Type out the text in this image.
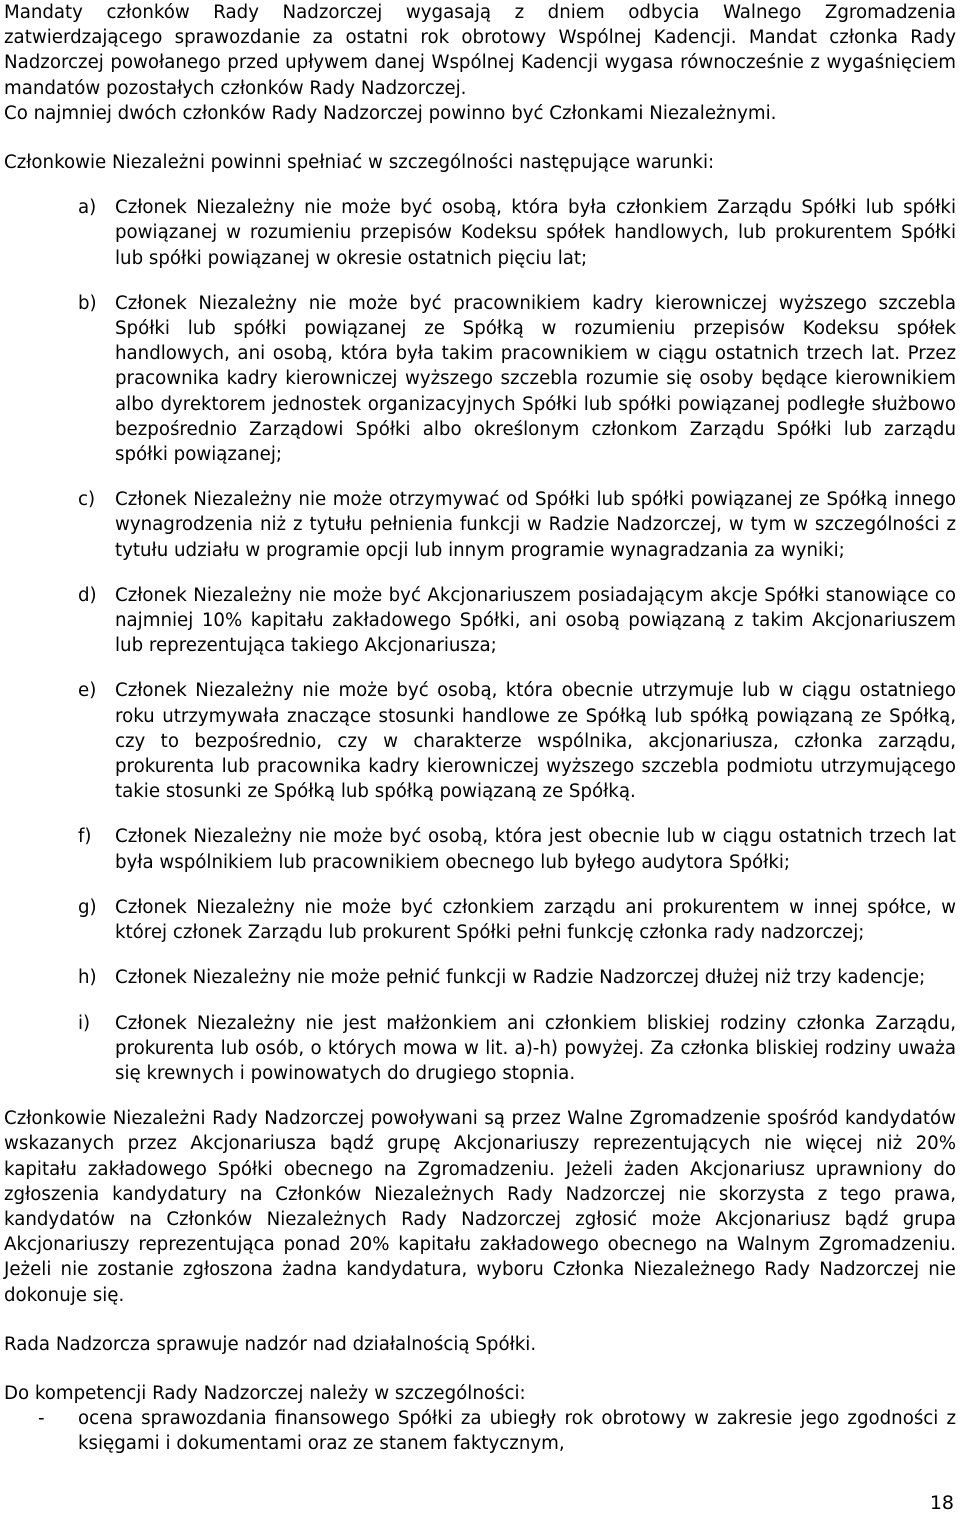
Mandaty członków Rady Nadzorczej wygasają z dniem odbycia Walnego Zgromadzenia zatwierdzającego sprawozdanie za ostatni rok obrotowy Wspólnej Kadencji. Mandat członka Rady Nadzorczej powołanego przed upływem danej Wspólnej Kadencji wygasa równocześnie z wygaśnięciem mandatów pozostałych członków Rady Nadzorczej.

Co najmniej dwóch członków Rady Nadzorczej powinno być Członkami Niezależnymi.

Członkowie Niezależni powinni spełniać w szczególności następujące warunki:

a) Członek Niezależny nie może być osobą, która była członkiem Zarządu Spółki lub spółki powiązanej w rozumieniu przepisów Kodeksu spółek handlowych, lub prokurentem Spółki lub spółki powiązanej w okresie ostatnich pięciu lat;
b) Członek Niezależny nie może być pracownikiem kadry kierowniczej wyższego szczebla Spółki lub spółki powiązanej ze Spółką w rozumieniu przepisów Kodeksu spółek handlowych, ani osobą, która była takim pracownikiem w ciągu ostatnich trzech lat. Przez pracownika kadry kierowniczej wyższego szczebla rozumie się osoby będące kierownikiem albo dyrektorem jednostek organizacyjnych Spółki lub spółki powiązanej podległe służbowo bezpośrednio Zarządowi Spółki albo określonym członkom Zarządu Spółki lub zarządu spółki powiązanej;
c) Członek Niezależny nie może otrzymywać od Spółki lub spółki powiązanej ze Spółką innego wynagrodzenia niż z tytułu pełnienia funkcji w Radzie Nadzorczej, w tym w szczególności z tytułu udziału w programie opcji lub innym programie wynagradzania za wyniki;
d) Członek Niezależny nie może być Akcjonariuszem posiadającym akcje Spółki stanowiące co najmniej 10% kapitału zakładowego Spółki, ani osobą powiązaną z takim Akcjonariuszem lub reprezentująca takiego Akcjonariusza;
e) Członek Niezależny nie może być osobą, która obecnie utrzymuje lub w ciągu ostatniego roku utrzymywała znaczące stosunki handlowe ze Spółką lub spółką powiązaną ze Spółką, czy to bezpośrednio, czy w charakterze wspólnika, akcjonariusza, członka zarządu, prokurenta lub pracownika kadry kierowniczej wyższego szczebla podmiotu utrzymującego takie stosunki ze Spółką lub spółką powiązaną ze Spółką.
f) Członek Niezależny nie może być osobą, która jest obecnie lub w ciągu ostatnich trzech lat była wspólnikiem lub pracownikiem obecnego lub byłego audytora Spółki;
g) Członek Niezależny nie może być członkiem zarządu ani prokurentem w innej spółce, w której członek Zarządu lub prokurent Spółki pełni funkcję członka rady nadzorczej;
h) Członek Niezależny nie może pełnić funkcji w Radzie Nadzorczej dłużej niż trzy kadencje;
i) Członek Niezależny nie jest małżonkiem ani członkiem bliskiej rodziny członka Zarządu, prokurenta lub osób, o których mowa w lit. a)-h) powyżej. Za członka bliskiej rodziny uważa się krewnych i powinowatych do drugiego stopnia.

Członkowie Niezależni Rady Nadzorczej powoływani są przez Walne Zgromadzenie spośród kandydatów wskazanych przez Akcjonariusza bądź grupę Akcjonariuszy reprezentujących nie więcej niż 20% kapitału zakładowego Spółki obecnego na Zgromadzeniu. Jeżeli żaden Akcjonariusz uprawniony do zgłoszenia kandydatury na Członków Niezależnych Rady Nadzorczej nie skorzysta z tego prawa, kandydatów na Członków Niezależnych Rady Nadzorczej zgłosić może Akcjonariusz bądź grupa Akcjonariuszy reprezentująca ponad 20% kapitału zakładowego obecnego na Walnym Zgromadzeniu. Jeżeli nie zostanie zgłoszona żadna kandydatura, wyboru Członka Niezależnego Rady Nadzorczej nie dokonuje się.

Rada Nadzorcza sprawuje nadzór nad działalnością Spółki.

Do kompetencji Rady Nadzorczej należy w szczególności:

- ocena sprawozdania finansowego Spółki za ubiegły rok obrotowy w zakresie jego zgodności z księgami i dokumentami oraz ze stanem faktycznym,
18
